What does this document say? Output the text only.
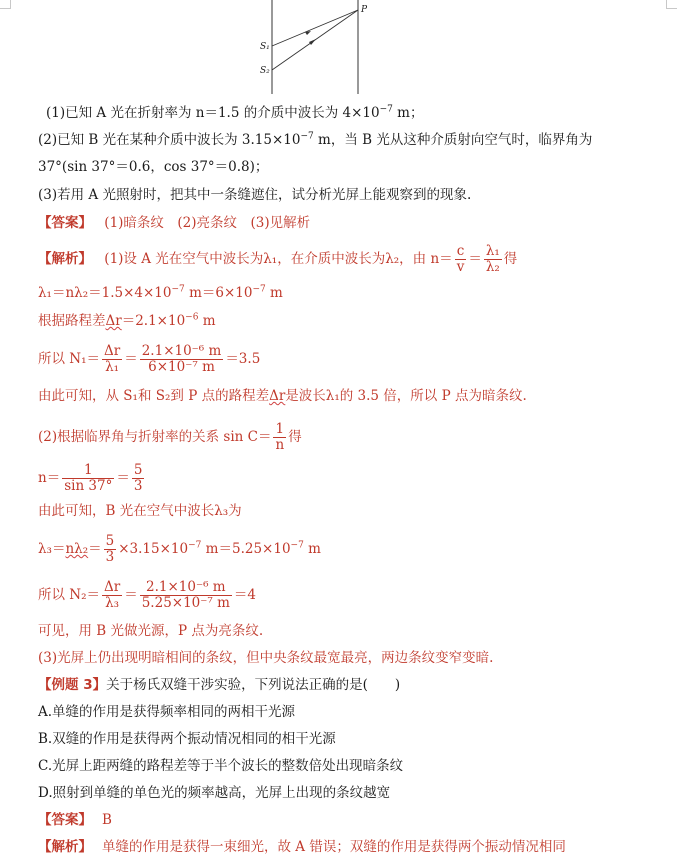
S₁
S₂
P
(1)已知 A 光在折射率为 n＝1.5 的介质中波长为 $4\times 10^{-7}$ m；
(2)已知 B 光在某种介质中波长为 $3.15\times 10^{-7}$ m，当 B 光从这种介质射向空气时，临界角为
37°(sin 37°＝0.6，cos 37°＝0.8)；
(3)若用 A 光照射时，把其中一条缝遮住，试分析光屏上能观察到的现象.
【答案】 (1)暗条纹　(2)亮条纹　(3)见解析
【解析】 (1)设 A 光在空气中波长为λ₁，在介质中波长为λ₂，由 $n= \frac{c}{v} = \frac{\text{λ₁}}{\text{λ₂}}$ 得
$\lambda_1=n\lambda_2=1.5\times 4\times 10^{-7}$ $m=6\times 10^{-7}$ m
根据路程差$\Delta r=2.1\times 10^{-6}$ m
所以 $N_1= \frac{\Delta r}{\text{λ₁}} = \frac{\text{2.1×10⁻⁶ m}}{\text{6×10⁻⁷ m}} =3.5$
由此可知，从 S₁和 S₂到 P 点的路程差Δr是波长λ₁的 3.5 倍，所以 P 点为暗条纹.
(2)根据临界角与折射率的关系 $\sin C= \frac{1}{n}$ 得
$n= \frac{1}{\sin 37^\circ} = \frac{5}{3}$
由此可知，B 光在空气中波长λ₃为
$\lambda_3=n\lambda_2= \frac{5}{3} \times 3.15\times 10^{-7}$ $m=5.25\times 10^{-7}$ m
所以 $N_2= \frac{\Delta r}{\text{λ₃}} = \frac{\text{2.1×10⁻⁶ m}}{\text{5.25×10⁻⁷ m}} =4$
可见，用 B 光做光源，P 点为亮条纹.
(3)光屏上仍出现明暗相间的条纹，但中央条纹最宽最亮，两边条纹变窄变暗.
【例题 3】关于杨氏双缝干涉实验，下列说法正确的是(　　)
A.单缝的作用是获得频率相同的两相干光源
B.双缝的作用是获得两个振动情况相同的相干光源
C.光屏上距两缝的路程差等于半个波长的整数倍处出现暗条纹
D.照射到单缝的单色光的频率越高，光屏上出现的条纹越宽
【答案】 B
【解析】 单缝的作用是获得一束细光，故 A 错误；双缝的作用是获得两个振动情况相同
